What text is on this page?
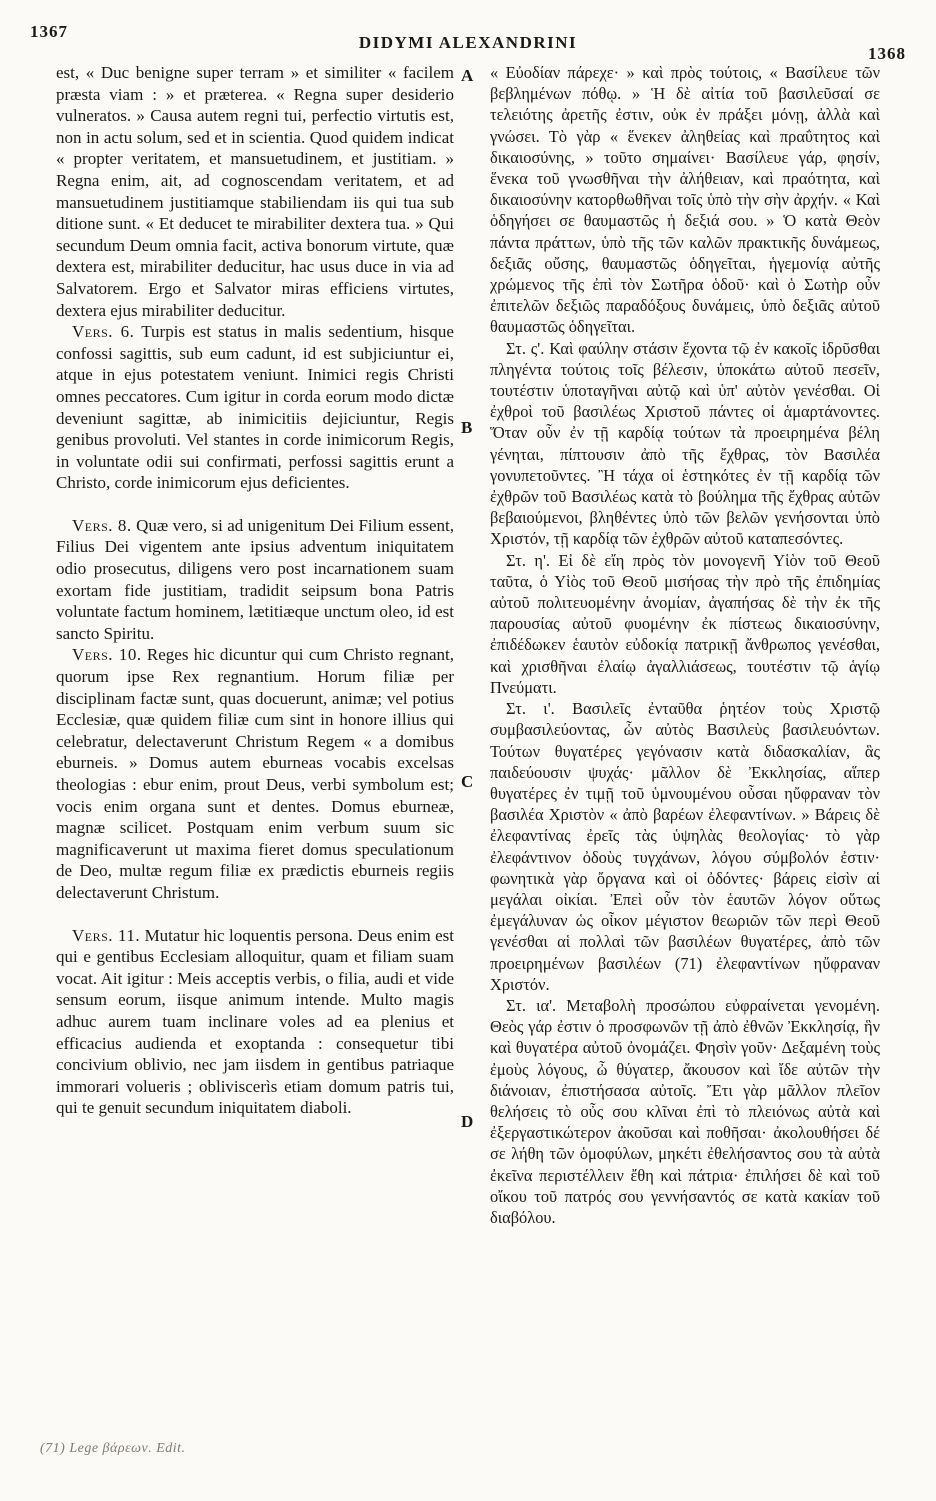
1367
DIDYMI ALEXANDRINI
1368

est, « Duc benigne super terram » et similiter « facilem præsta viam : » et præterea. « Regna super desiderio vulneratos. » Causa autem regni tui, perfectio virtutis est, non in actu solum, sed et in scientia. Quod quidem indicat « propter veritatem, et mansuetudinem, et justitiam. » Regna enim, ait, ad cognoscendam veritatem, et ad mansuetudinem justitiamque stabiliendam iis qui tua sub ditione sunt. « Et deducet te mirabiliter dextera tua. » Qui secundum Deum omnia facit, activa bonorum virtute, quæ dextera est, mirabiliter deducitur, hac usus duce in via ad Salvatorem. Ergo et Salvator miras efficiens virtutes, dextera ejus mirabiliter deducitur.

Vers. 6. Turpis est status in malis sedentium, hisque confossi sagittis, sub eum cadunt, id est subjiciuntur ei, atque in ejus potestatem veniunt. Inimici regis Christi omnes peccatores. Cum igitur in corda eorum modo dictæ deveniunt sagittæ, ab inimicitiis dejiciuntur, Regis genibus provoluti. Vel stantes in corde inimicorum Regis, in voluntate odii sui confirmati, perfossi sagittis erunt a Christo, corde inimicorum ejus deficientes.

Vers. 8. Quæ vero, si ad unigenitum Dei Filium essent, Filius Dei vigentem ante ipsius adventum iniquitatem odio prosecutus, diligens vero post incarnationem suam exortam fide justitiam, tradidit seipsum bona Patris voluntate factum hominem, lætitiæque unctum oleo, id est sancto Spiritu.

Vers. 10. Reges hic dicuntur qui cum Christo regnant, quorum ipse Rex regnantium. Horum filiæ per disciplinam factæ sunt, quas docuerunt, animæ; vel potius Ecclesiæ, quæ quidem filiæ cum sint in honore illius qui celebratur, delectaverunt Christum Regem « a domibus eburneis. » Domus autem eburneas vocabis excelsas theologias : ebur enim, prout Deus, verbi symbolum est; vocis enim organa sunt et dentes. Domus eburneæ, magnæ scilicet. Postquam enim verbum suum sic magnificaverunt ut maxima fieret domus speculationum de Deo, multæ regum filiæ ex prædictis eburneis regiis delectaverunt Christum.

Vers. 11. Mutatur hic loquentis persona. Deus enim est qui e gentibus Ecclesiam alloquitur, quam et filiam suam vocat. Ait igitur : Meis acceptis verbis, o filia, audi et vide sensum eorum, iisque animum intende. Multo magis adhuc aurem tuam inclinare voles ad ea plenius et efficacius audienda et exoptanda : consequetur tibi concivium oblivio, nec jam iisdem in gentibus patriaque immorari volueris ; obliviscerìs etiam domum patris tui, qui te genuit secundum iniquitatem diaboli.

A
B
C
D

« Εὐοδίαν πάρεχε· » καὶ πρὸς τούτοις, « Βασίλευε τῶν βεβλημένων πόθῳ. » Ἡ δὲ αἰτία τοῦ βασιλεῦσαί σε τελειότης ἀρετῆς ἐστιν, οὐκ ἐν πράξει μόνῃ, ἀλλὰ καὶ γνώσει. Τὸ γὰρ « ἕνεκεν ἀληθείας καὶ πραΰτητος καὶ δικαιοσύνης, » τοῦτο σημαίνει· Βασίλευε γάρ, φησίν, ἕνεκα τοῦ γνωσθῆναι τὴν ἀλήθειαν, καὶ πραότητα, καὶ δικαιοσύνην κατορθωθῆναι τοῖς ὑπὸ τὴν σὴν ἀρχήν. « Καὶ ὁδηγήσει σε θαυμαστῶς ἡ δεξιά σου. » Ὁ κατὰ Θεὸν πάντα πράττων, ὑπὸ τῆς τῶν καλῶν πρακτικῆς δυνάμεως, δεξιᾶς οὔσης, θαυμαστῶς ὁδηγεῖται, ἡγεμονίᾳ αὐτῆς χρώμενος τῆς ἐπὶ τὸν Σωτῆρα ὁδοῦ· καὶ ὁ Σωτὴρ οὖν ἐπιτελῶν δεξιῶς παραδόξους δυνάμεις, ὑπὸ δεξιᾶς αὐτοῦ θαυμαστῶς ὁδηγεῖται.

Στ. ς'. Καὶ φαύλην στάσιν ἔχοντα τῷ ἐν κακοῖς ἱδρῦσθαι πληγέντα τούτοις τοῖς βέλεσιν, ὑποκάτω αὐτοῦ πεσεῖν, τουτέστιν ὑποταγῆναι αὐτῷ καὶ ὑπ' αὐτὸν γενέσθαι. Οἱ ἐχθροὶ τοῦ βασιλέως Χριστοῦ πάντες οἱ ἁμαρτάνοντες. Ὅταν οὖν ἐν τῇ καρδίᾳ τούτων τὰ προειρημένα βέλη γένηται, πίπτουσιν ἀπὸ τῆς ἔχθρας, τὸν Βασιλέα γονυπετοῦντες. Ἢ τάχα οἱ ἑστηκότες ἐν τῇ καρδίᾳ τῶν ἐχθρῶν τοῦ Βασιλέως κατὰ τὸ βούλημα τῆς ἔχθρας αὐτῶν βεβαιούμενοι, βληθέντες ὑπὸ τῶν βελῶν γενήσονται ὑπὸ Χριστόν, τῇ καρδίᾳ τῶν ἐχθρῶν αὐτοῦ καταπεσόντες.

Στ. η'. Εἰ δὲ εἴη πρὸς τὸν μονογενῆ Υἱὸν τοῦ Θεοῦ ταῦτα, ὁ Υἱὸς τοῦ Θεοῦ μισήσας τὴν πρὸ τῆς ἐπιδημίας αὐτοῦ πολιτευομένην ἀνομίαν, ἀγαπήσας δὲ τὴν ἐκ τῆς παρουσίας αὐτοῦ φυομένην ἐκ πίστεως δικαιοσύνην, ἐπιδέδωκεν ἑαυτὸν εὐδοκίᾳ πατρικῇ ἄνθρωπος γενέσθαι, καὶ χρισθῆναι ἐλαίῳ ἀγαλλιάσεως, τουτέστιν τῷ ἁγίῳ Πνεύματι.

Στ. ι'. Βασιλεῖς ἐνταῦθα ῥητέον τοὺς Χριστῷ συμβασιλεύοντας, ὧν αὐτὸς Βασιλεὺς βασιλευόντων. Τούτων θυγατέρες γεγόνασιν κατὰ διδασκαλίαν, ἃς παιδεύουσιν ψυχάς· μᾶλλον δὲ Ἐκκλησίας, αἵπερ θυγατέρες ἐν τιμῇ τοῦ ὑμνουμένου οὖσαι ηὔφραναν τὸν βασιλέα Χριστὸν « ἀπὸ βαρέων ἐλεφαντίνων. » Βάρεις δὲ ἐλεφαντίνας ἐρεῖς τὰς ὑψηλὰς θεολογίας· τὸ γὰρ ἐλεφάντινον ὀδοὺς τυγχάνων, λόγου σύμβολόν ἐστιν· φωνητικὰ γὰρ ὄργανα καὶ οἱ ὀδόντες· βάρεις εἰσὶν αἱ μεγάλαι οἰκίαι. Ἐπεὶ οὖν τὸν ἑαυτῶν λόγον οὕτως ἐμεγάλυναν ὡς οἶκον μέγιστον θεωριῶν τῶν περὶ Θεοῦ γενέσθαι αἱ πολλαὶ τῶν βασιλέων θυγατέρες, ἀπὸ τῶν προειρημένων βασιλέων (71) ἐλεφαντίνων ηὔφραναν Χριστόν.

Στ. ια'. Μεταβολὴ προσώπου εὐφραίνεται γενομένη. Θεὸς γάρ ἐστιν ὁ προσφωνῶν τῇ ἀπὸ ἐθνῶν Ἐκκλησίᾳ, ἣν καὶ θυγατέρα αὐτοῦ ὀνομάζει. Φησὶν γοῦν· Δεξαμένη τοὺς ἐμοὺς λόγους, ὦ θύγατερ, ἄκουσον καὶ ἴδε αὐτῶν τὴν διάνοιαν, ἐπιστήσασα αὐτοῖς. Ἔτι γὰρ μᾶλλον πλεῖον θελήσεις τὸ οὖς σου κλῖναι ἐπὶ τὸ πλειόνως αὐτὰ καὶ ἐξεργαστικώτερον ἀκοῦσαι καὶ ποθῆσαι· ἀκολουθήσει δέ σε λήθη τῶν ὁμοφύλων, μηκέτι ἐθελήσαντος σου τὰ αὐτὰ ἐκεῖνα περιστέλλειν ἔθη καὶ πάτρια· ἐπιλήσει δὲ καὶ τοῦ οἴκου τοῦ πατρός σου γεννήσαντός σε κατὰ κακίαν τοῦ διαβόλου.

(71) Lege βάρεων. Edit.
